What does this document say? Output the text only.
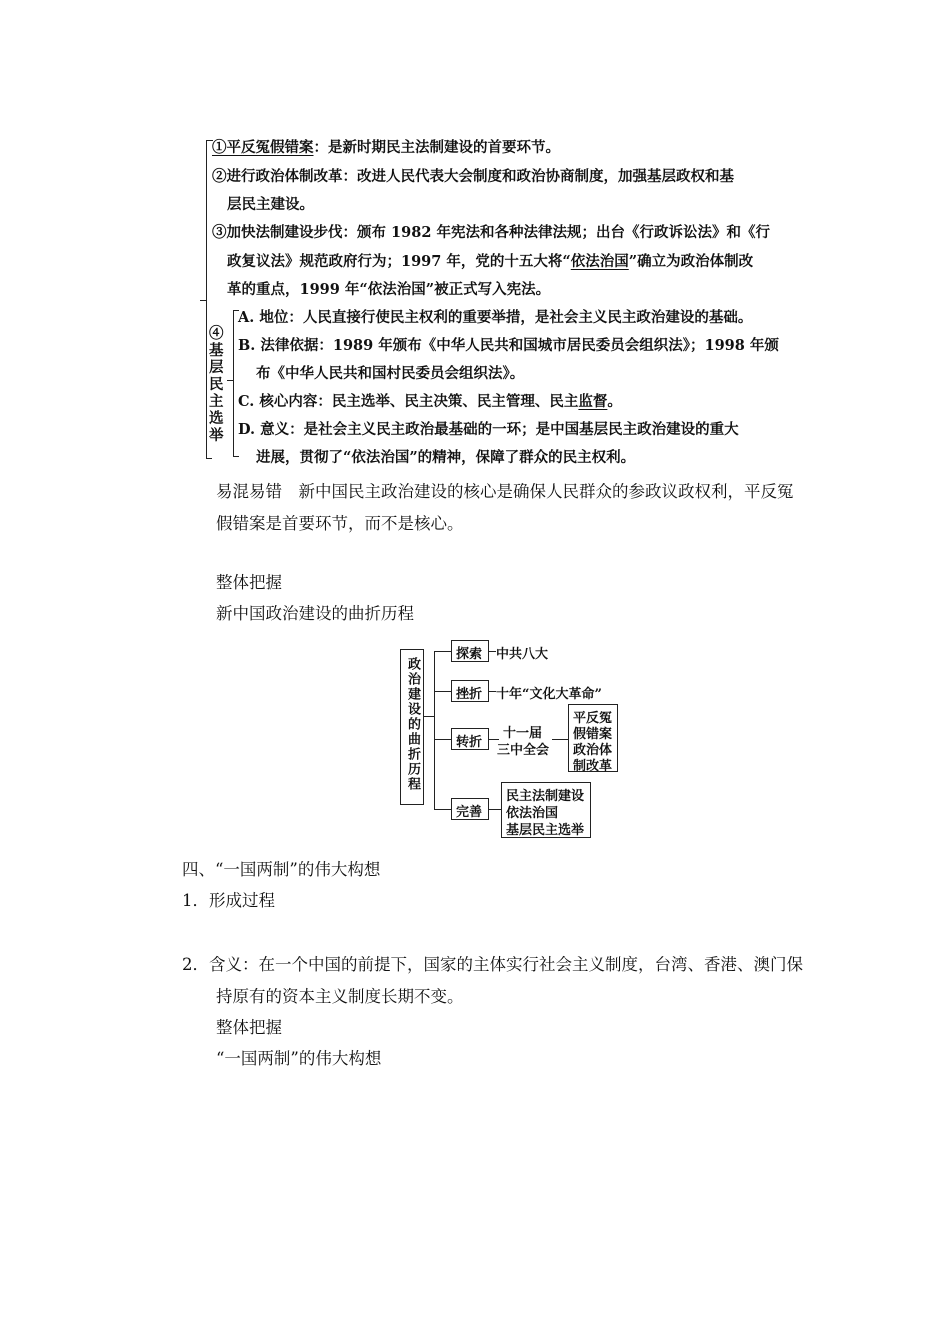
①平反冤假错案：是新时期民主法制建设的首要环节。
②进行政治体制改革：改进人民代表大会制度和政治协商制度，加强基层政权和基
层民主建设。
③加快法制建设步伐：颁布 1982 年宪法和各种法律法规；出台《行政诉讼法》和《行
政复议法》规范政府行为；1997 年，党的十五大将“依法治国”确立为政治体制改
革的重点，1999 年“依法治国”被正式写入宪法。
④基层民主选举
A. 地位：人民直接行使民主权利的重要举措，是社会主义民主政治建设的基础。
B. 法律依据：1989 年颁布《中华人民共和国城市居民委员会组织法》；1998 年颁
布《中华人民共和国村民委员会组织法》。
C. 核心内容：民主选举、民主决策、民主管理、民主监督。
D. 意义：是社会主义民主政治最基础的一环；是中国基层民主政治建设的重大
进展，贯彻了“依法治国”的精神，保障了群众的民主权利。
易混易错　新中国民主政治建设的核心是确保人民群众的参政议政权利，平反冤
假错案是首要环节，而不是核心。
整体把握
新中国政治建设的曲折历程
政治建设的曲折历程
探索 中共八大
挫折 十年“文化大革命”
转折
十一届
三中全会
平反冤
假错案
政治体
制改革
完善
民主法制建设
依法治国
基层民主选举
四、“一国两制”的伟大构想
1．形成过程
2．含义：在一个中国的前提下，国家的主体实行社会主义制度，台湾、香港、澳门保
持原有的资本主义制度长期不变。
整体把握
“一国两制”的伟大构想
